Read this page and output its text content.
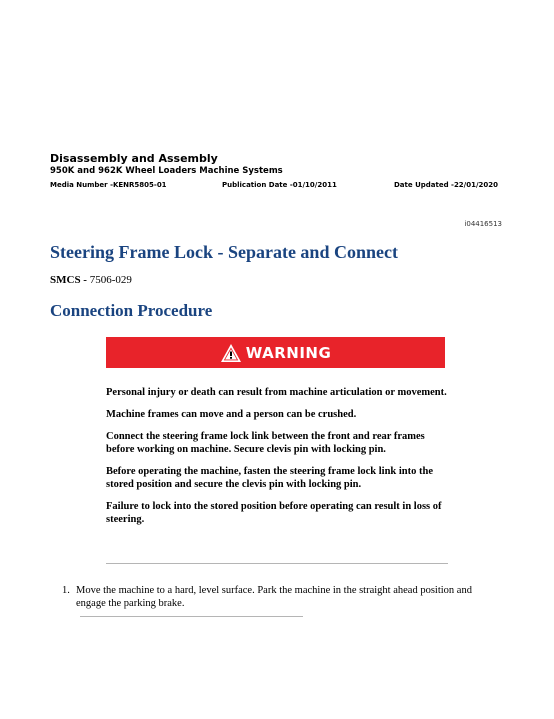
Disassembly and Assembly
950K and 962K Wheel Loaders Machine Systems
Media Number -KENR5805-01	Publication Date -01/10/2011	Date Updated -22/01/2020
i04416513
Steering Frame Lock - Separate and Connect
SMCS - 7506-029
Connection Procedure
WARNING

Personal injury or death can result from machine articulation or movement.

Machine frames can move and a person can be crushed.

Connect the steering frame lock link between the front and rear frames before working on machine. Secure clevis pin with locking pin.

Before operating the machine, fasten the steering frame lock link into the stored position and secure the clevis pin with locking pin.

Failure to lock into the stored position before operating can result in loss of steering.

1. Move the machine to a hard, level surface. Park the machine in the straight ahead position and engage the parking brake.
